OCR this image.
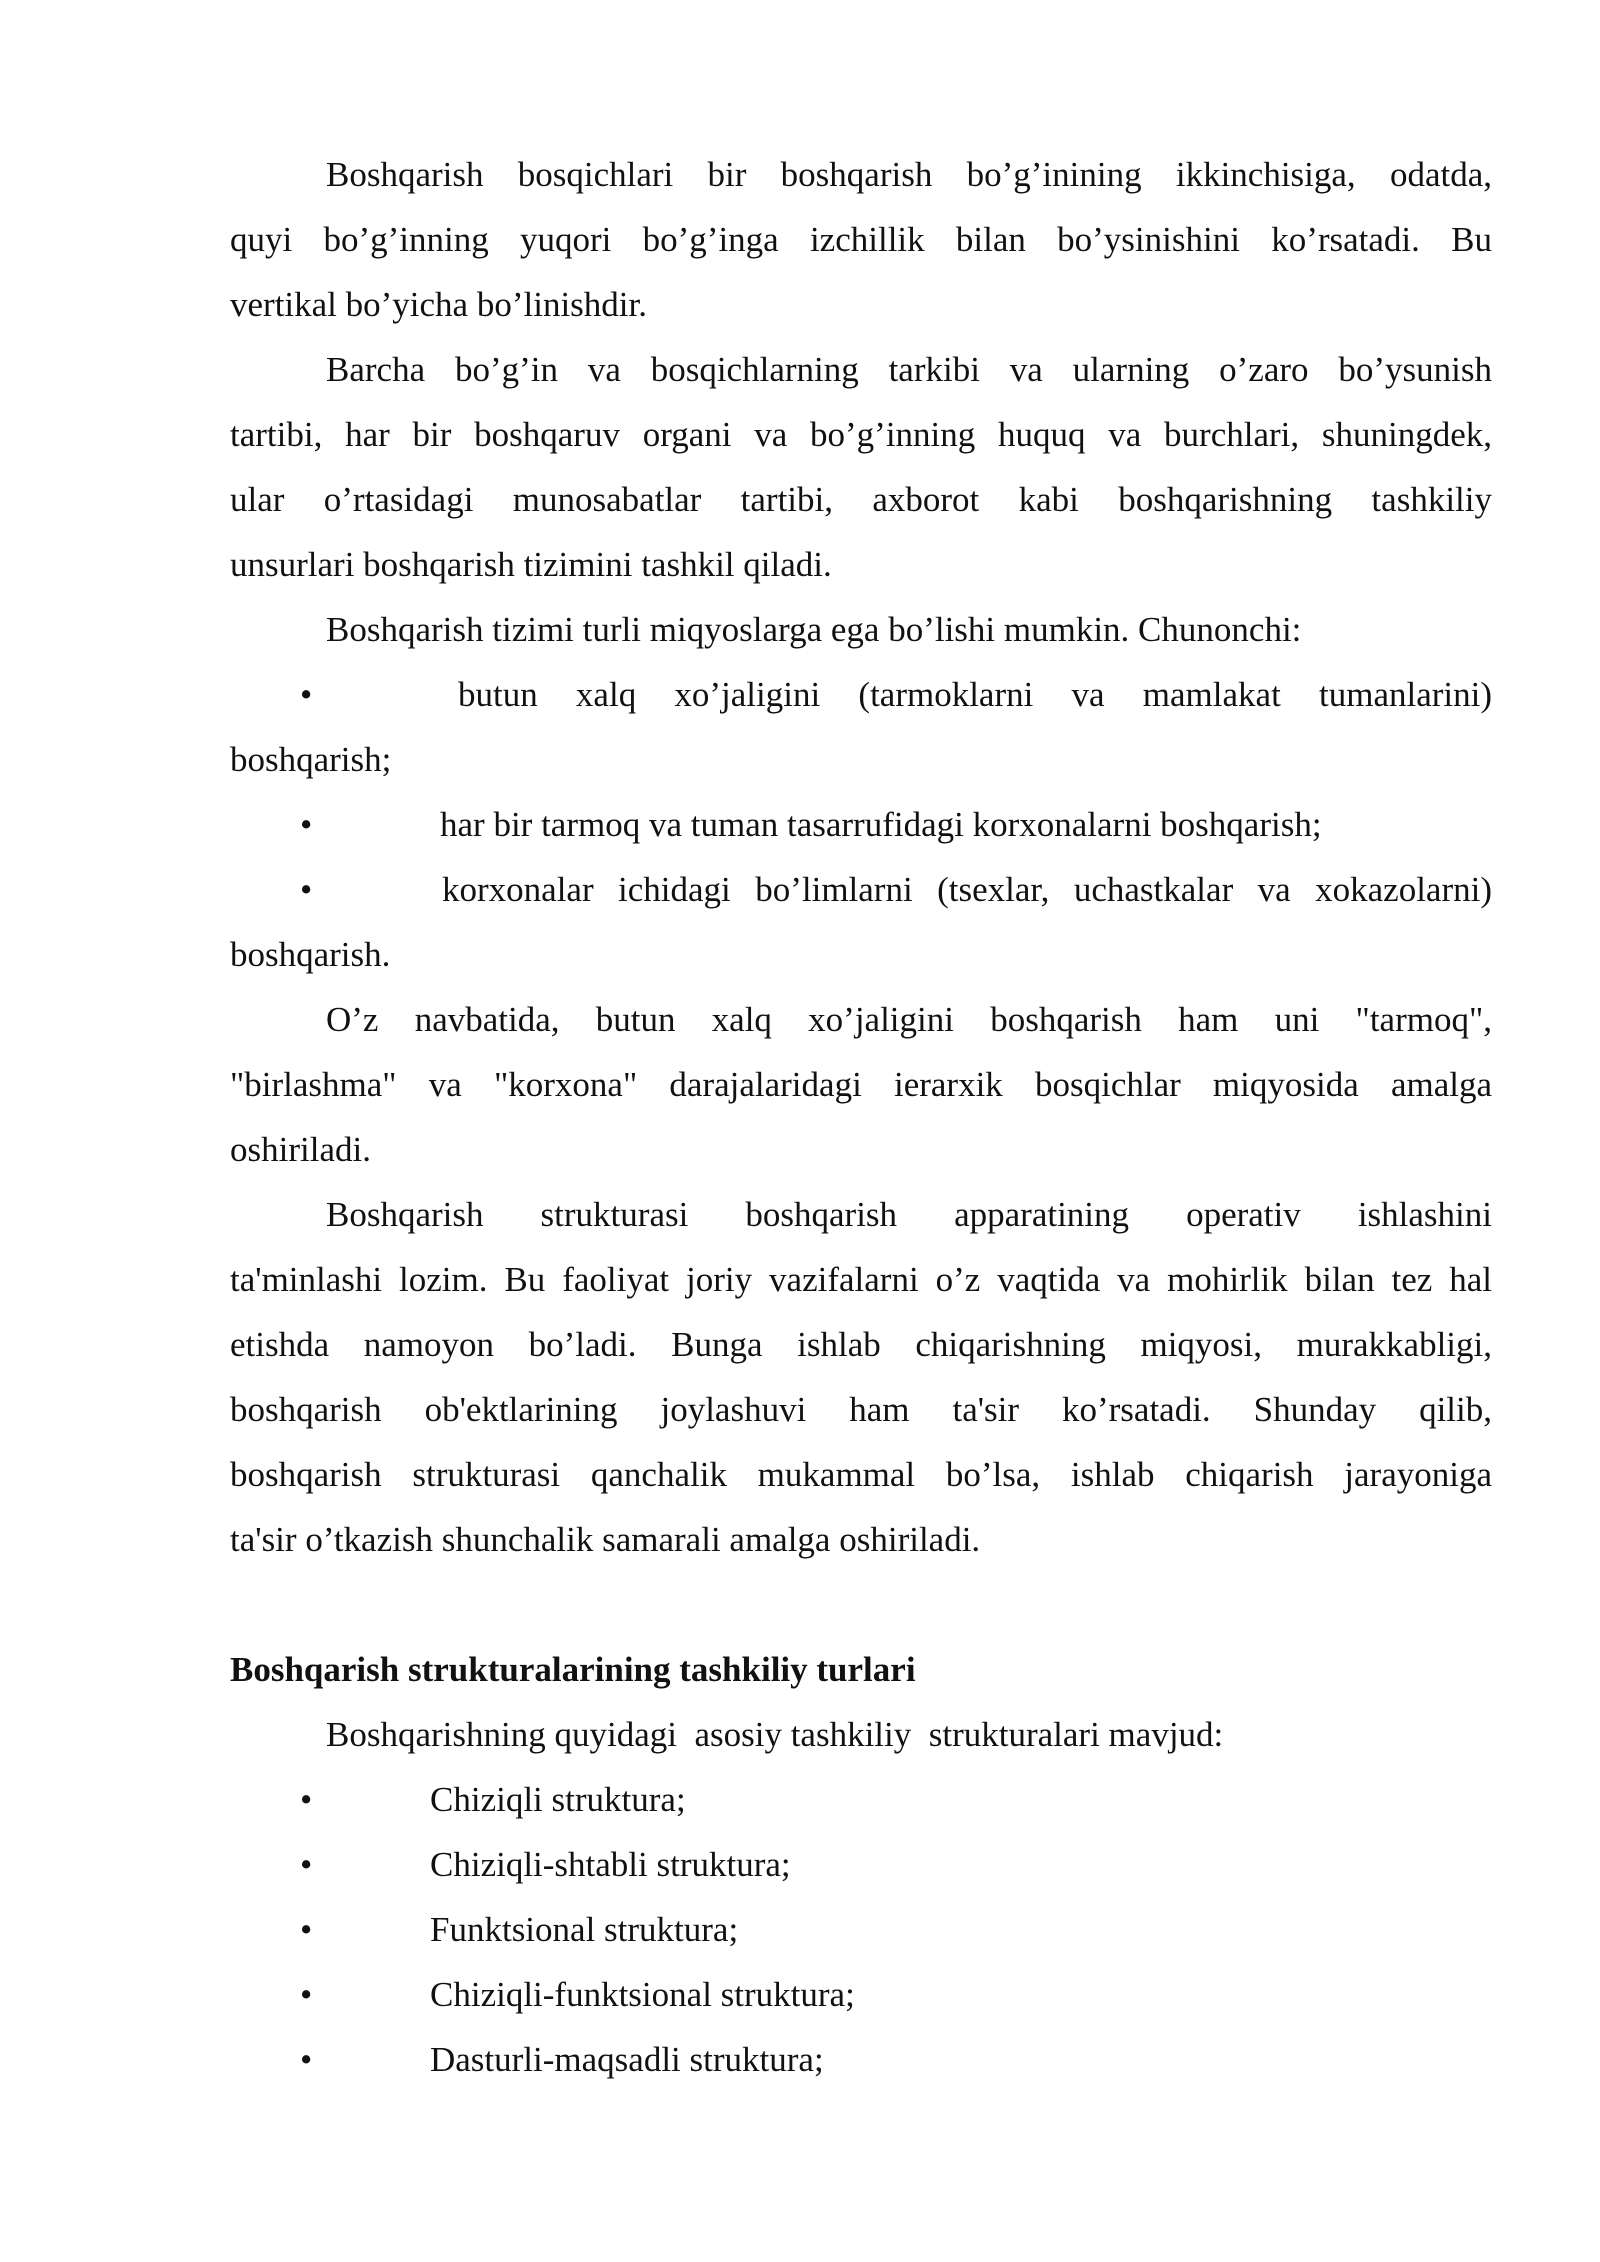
Boshqarish bosqichlari bir boshqarish bo’g’inining ikkinchisiga, odatda,
quyi bo’g’inning yuqori bo’g’inga izchillik bilan bo’ysinishini ko’rsatadi. Bu
vertikal bo’yicha bo’linishdir.
Barcha bo’g’in va bosqichlarning tarkibi va ularning o’zaro bo’ysunish
tartibi, har bir boshqaruv organi va bo’g’inning huquq va burchlari, shuningdek,
ular o’rtasidagi munosabatlar tartibi, axborot kabi boshqarishning tashkiliy
unsurlari boshqarish tizimini tashkil qiladi.
Boshqarish tizimi turli miqyoslarga ega bo’lishi mumkin. Chunonchi:
•	butun xalq xo’jaligini (tarmoklarni va mamlakat tumanlarini)
boshqarish;
•	har bir tarmoq va tuman tasarrufidagi korxonalarni boshqarish;
•	korxonalar ichidagi bo’limlarni (tsexlar, uchastkalar va xokazolarni)
boshqarish.
O’z navbatida, butun xalq xo’jaligini boshqarish ham uni "tarmoq",
"birlashma" va "korxona" darajalaridagi ierarxik bosqichlar miqyosida amalga
oshiriladi.
Boshqarish strukturasi boshqarish apparatining operativ ishlashini
ta'minlashi lozim. Bu faoliyat joriy vazifalarni o’z vaqtida va mohirlik bilan tez hal
etishda namoyon bo’ladi. Bunga ishlab chiqarishning miqyosi, murakkabligi,
boshqarish ob'ektlarining joylashuvi ham ta'sir ko’rsatadi. Shunday qilib,
boshqarish strukturasi qanchalik mukammal bo’lsa, ishlab chiqarish jarayoniga
ta'sir o’tkazish shunchalik samarali amalga oshiriladi.
Boshqarish strukturalarining tashkiliy turlari
Boshqarishning quyidagi  asosiy tashkiliy  strukturalari mavjud:
•	Chiziqli struktura;
•	Chiziqli-shtabli struktura;
•	Funktsional struktura;
•	Chiziqli-funktsional struktura;
•	Dasturli-maqsadli struktura;
